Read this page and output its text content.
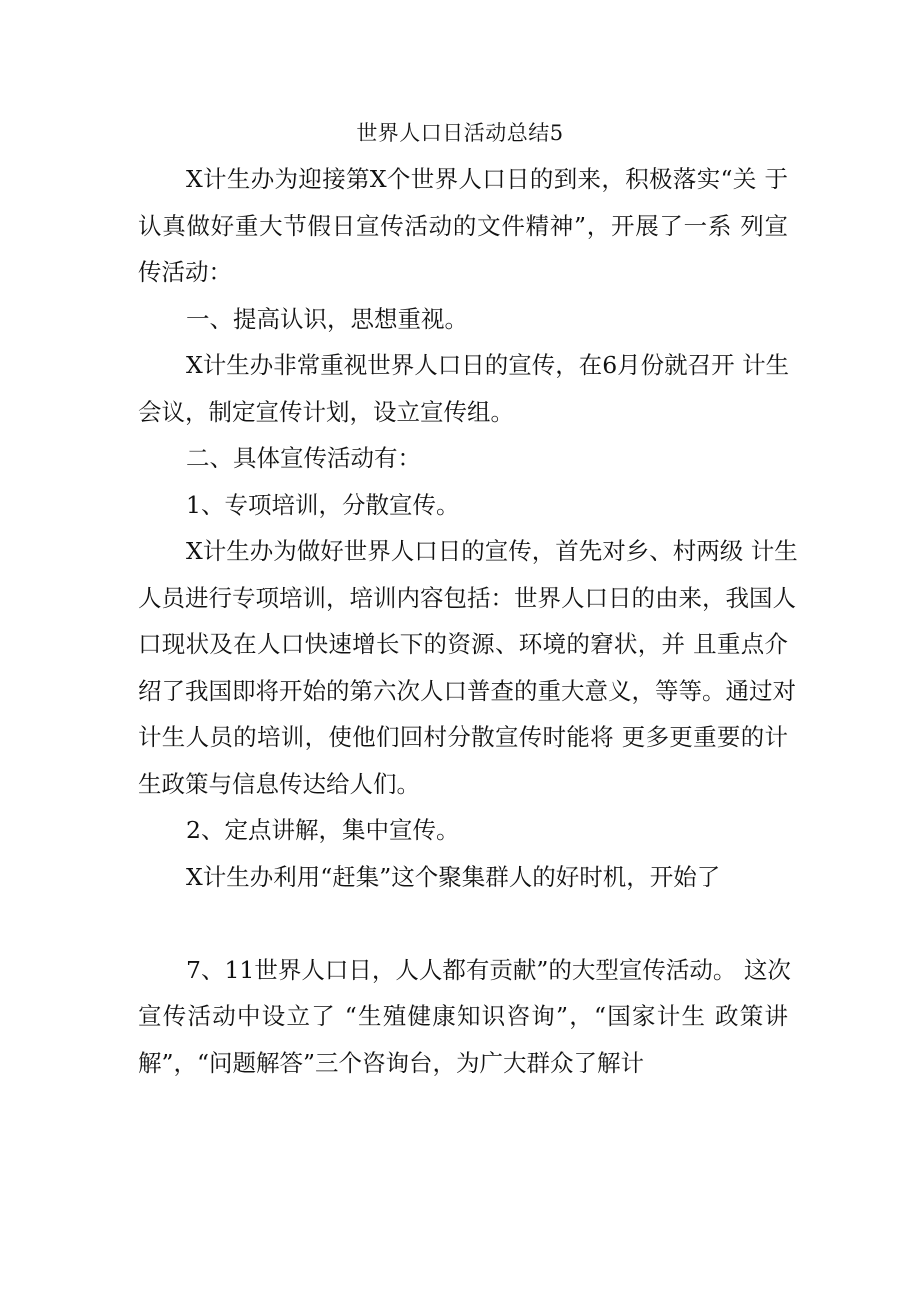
世界人口日活动总结5
X计生办为迎接第X个世界人口日的到来，积极落实“关 于
认真做好重大节假日宣传活动的文件精神”，开展了一系 列宣
传活动：
一、提高认识，思想重视。
X计生办非常重视世界人口日的宣传，在6月份就召开 计生
会议，制定宣传计划，设立宣传组。
二、具体宣传活动有：
1、专项培训，分散宣传。
X计生办为做好世界人口日的宣传，首先对乡、村两级 计生
人员进行专项培训，培训内容包括：世界人口日的由来，我国人
口现状及在人口快速增长下的资源、环境的窘状，并 且重点介
绍了我国即将开始的第六次人口普查的重大意义，等等。通过对
计生人员的培训，使他们回村分散宣传时能将 更多更重要的计
生政策与信息传达给人们。
2、定点讲解，集中宣传。
X计生办利用“赶集”这个聚集群人的好时机，开始了
7、11世界人口日，人人都有贡献”的大型宣传活动。 这次
宣传活动中设立了 “生殖健康知识咨询”，“国家计生 政策讲
解”，“问题解答”三个咨询台，为广大群众了解计
